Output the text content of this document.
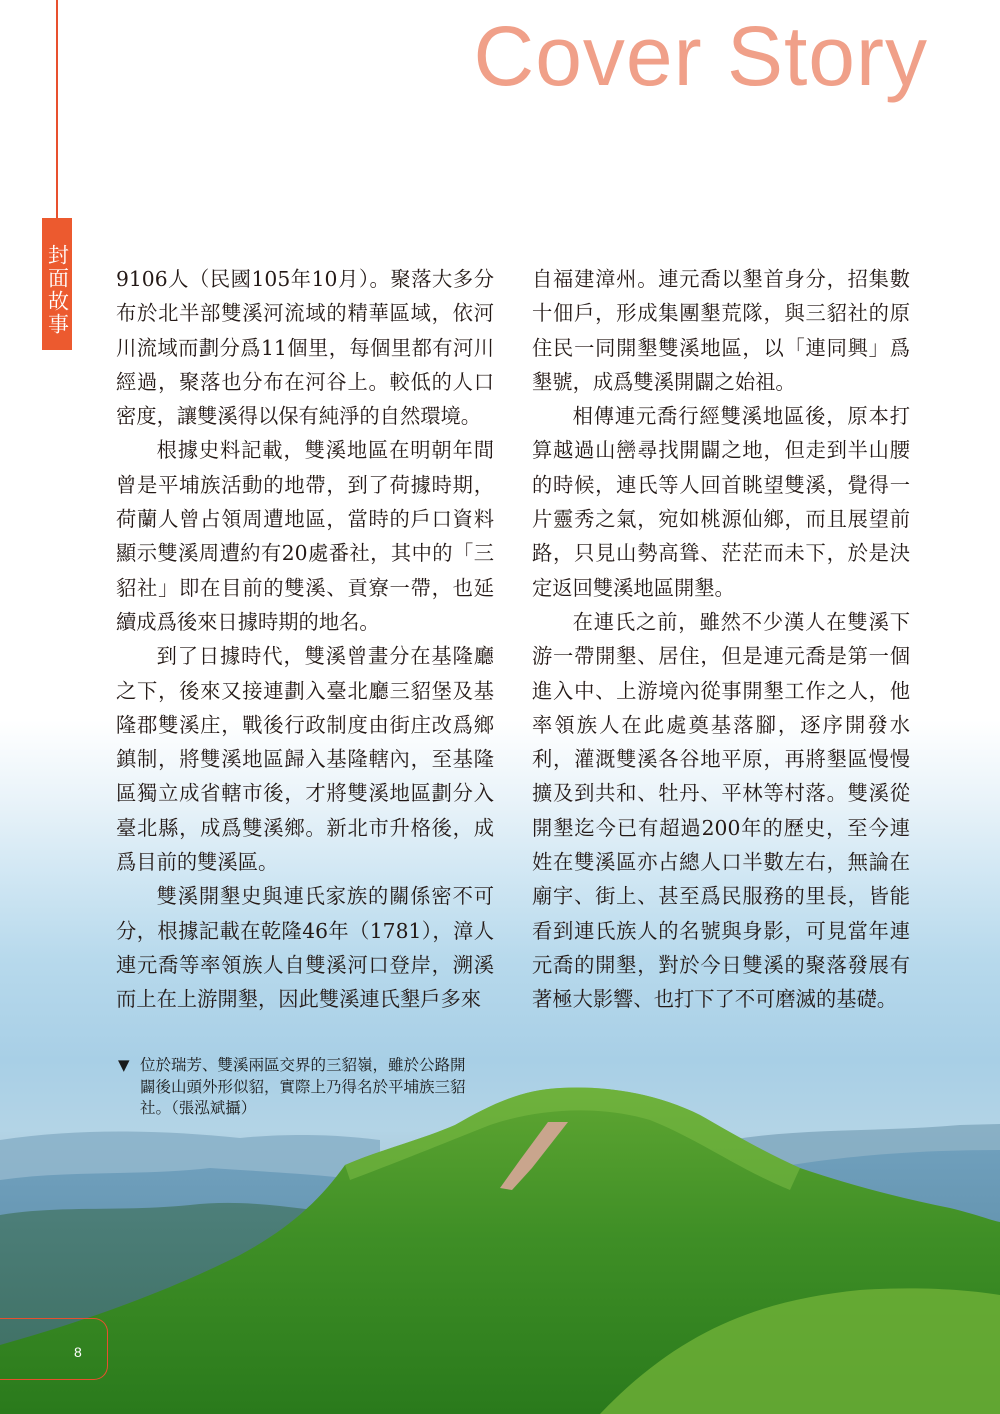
Cover Story
封面故事 9106人（民國105年10月）。聚落大多分布於北半部雙溪河流域的精華區域，依河川流域而劃分爲11個里，每個里都有河川經過，聚落也分布在河谷上。較低的人口密度，讓雙溪得以保有純淨的自然環境。

根據史料記載，雙溪地區在明朝年間曾是平埔族活動的地帶，到了荷據時期，荷蘭人曾占領周遭地區，當時的戶口資料顯示雙溪周遭約有20處番社，其中的「三貂社」即在目前的雙溪、貢寮一帶，也延續成爲後來日據時期的地名。

到了日據時代，雙溪曾畫分在基隆廳之下，後來又接連劃入臺北廳三貂堡及基隆郡雙溪庄，戰後行政制度由街庄改爲鄉鎮制，將雙溪地區歸入基隆轄內，至基隆區獨立成省轄市後，才將雙溪地區劃分入臺北縣，成爲雙溪鄉。新北市升格後，成爲目前的雙溪區。

雙溪開墾史與連氏家族的關係密不可分，根據記載在乾隆46年（1781），漳人連元喬等率領族人自雙溪河口登岸，溯溪而上在上游開墾，因此雙溪連氏墾戶多來

自福建漳州。連元喬以墾首身分，招集數十佃戶，形成集團墾荒隊，與三貂社的原住民一同開墾雙溪地區，以「連同興」爲墾號，成爲雙溪開闢之始祖。

相傳連元喬行經雙溪地區後，原本打算越過山巒尋找開闢之地，但走到半山腰的時候，連氏等人回首眺望雙溪，覺得一片靈秀之氣，宛如桃源仙鄉，而且展望前路，只見山勢高聳、茫茫而未下，於是決定返回雙溪地區開墾。

在連氏之前，雖然不少漢人在雙溪下游一帶開墾、居住，但是連元喬是第一個進入中、上游境內從事開墾工作之人，他率領族人在此處奠基落腳，逐序開發水利，灌溉雙溪各谷地平原，再將墾區慢慢擴及到共和、牡丹、平林等村落。雙溪從開墾迄今已有超過200年的歷史，至今連姓在雙溪區亦占總人口半數左右，無論在廟宇、街上、甚至爲民服務的里長，皆能看到連氏族人的名號與身影，可見當年連元喬的開墾，對於今日雙溪的聚落發展有著極大影響、也打下了不可磨滅的基礎。

▼ 位於瑞芳、雙溪兩區交界的三貂嶺，雖於公路開闢後山頭外形似貂，實際上乃得名於平埔族三貂社。（張泓斌攝）
8
